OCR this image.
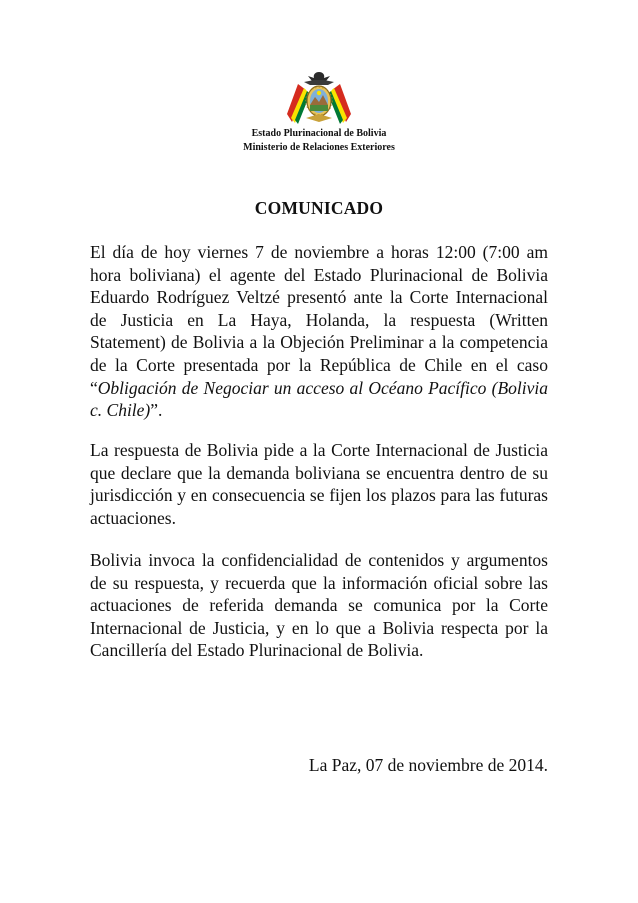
Estado Plurinacional de Bolivia
Ministerio de Relaciones Exteriores
COMUNICADO

El día de hoy viernes 7 de noviembre a horas 12:00 (7:00 am hora boliviana) el agente del Estado Plurinacional de Bolivia Eduardo Rodríguez Veltzé presentó ante la Corte Internacional de Justicia en La Haya, Holanda, la respuesta (Written Statement) de Bolivia a la Objeción Preliminar a la competencia de la Corte presentada por la República de Chile en el caso “Obligación de Negociar un acceso al Océano Pacífico (Bolivia c. Chile)”.

La respuesta de Bolivia pide a la Corte Internacional de Justicia que declare que la demanda boliviana se encuentra dentro de su jurisdicción y en consecuencia se fijen los plazos para las futuras actuaciones.

Bolivia invoca la confidencialidad de contenidos y argumentos de su respuesta, y recuerda que la información oficial sobre las actuaciones de referida demanda se comunica por la Corte Internacional de Justicia, y en lo que a Bolivia respecta por la Cancillería del Estado Plurinacional de Bolivia.

La Paz, 07 de noviembre de 2014.
